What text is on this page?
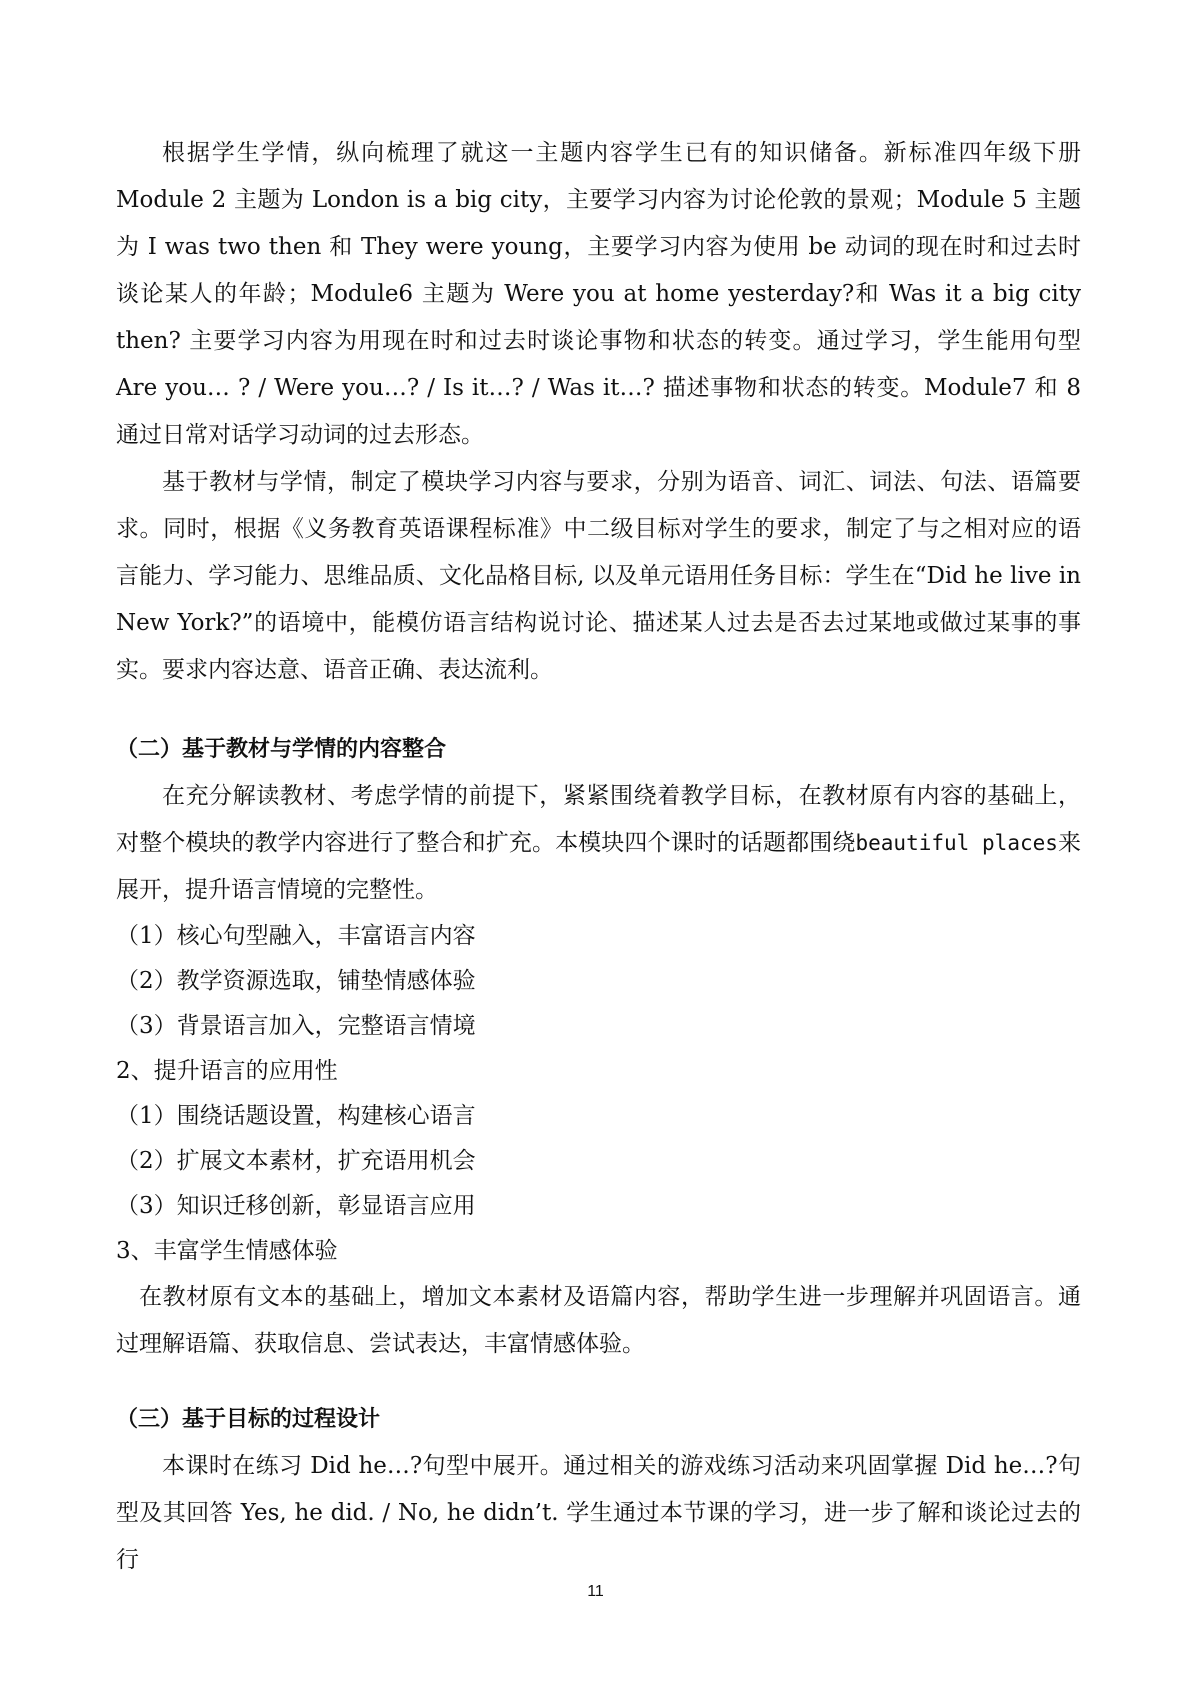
根据学生学情，纵向梳理了就这一主题内容学生已有的知识储备。新标准四年级下册Module 2 主题为 London is a big city，主要学习内容为讨论伦敦的景观；Module 5 主题为 I was two then 和 They were young，主要学习内容为使用 be 动词的现在时和过去时谈论某人的年龄；Module6 主题为 Were you at home yesterday?和 Was it a big city then? 主要学习内容为用现在时和过去时谈论事物和状态的转变。通过学习，学生能用句型 Are you… ? / Were you…? / Is it…? / Was it…? 描述事物和状态的转变。Module7 和 8 通过日常对话学习动词的过去形态。

基于教材与学情，制定了模块学习内容与要求，分别为语音、词汇、词法、句法、语篇要求。同时，根据《义务教育英语课程标准》中二级目标对学生的要求，制定了与之相对应的语言能力、学习能力、思维品质、文化品格目标, 以及单元语用任务目标：学生在“Did he live in New York?”的语境中，能模仿语言结构说讨论、描述某人过去是否去过某地或做过某事的事实。要求内容达意、语音正确、表达流利。

（二）基于教材与学情的内容整合

在充分解读教材、考虑学情的前提下，紧紧围绕着教学目标，在教材原有内容的基础上，对整个模块的教学内容进行了整合和扩充。本模块四个课时的话题都围绕beautiful places来展开，提升语言情境的完整性。

（1）核心句型融入，丰富语言内容

（2）教学资源选取，铺垫情感体验

（3）背景语言加入，完整语言情境

2、提升语言的应用性

（1）围绕话题设置，构建核心语言

（2）扩展文本素材，扩充语用机会

（3）知识迁移创新，彰显语言应用

3、丰富学生情感体验

在教材原有文本的基础上，增加文本素材及语篇内容，帮助学生进一步理解并巩固语言。通过理解语篇、获取信息、尝试表达，丰富情感体验。

（三）基于目标的过程设计

本课时在练习 Did he…?句型中展开。通过相关的游戏练习活动来巩固掌握 Did he…?句型及其回答 Yes, he did. / No, he didn’t. 学生通过本节课的学习，进一步了解和谈论过去的行

11
